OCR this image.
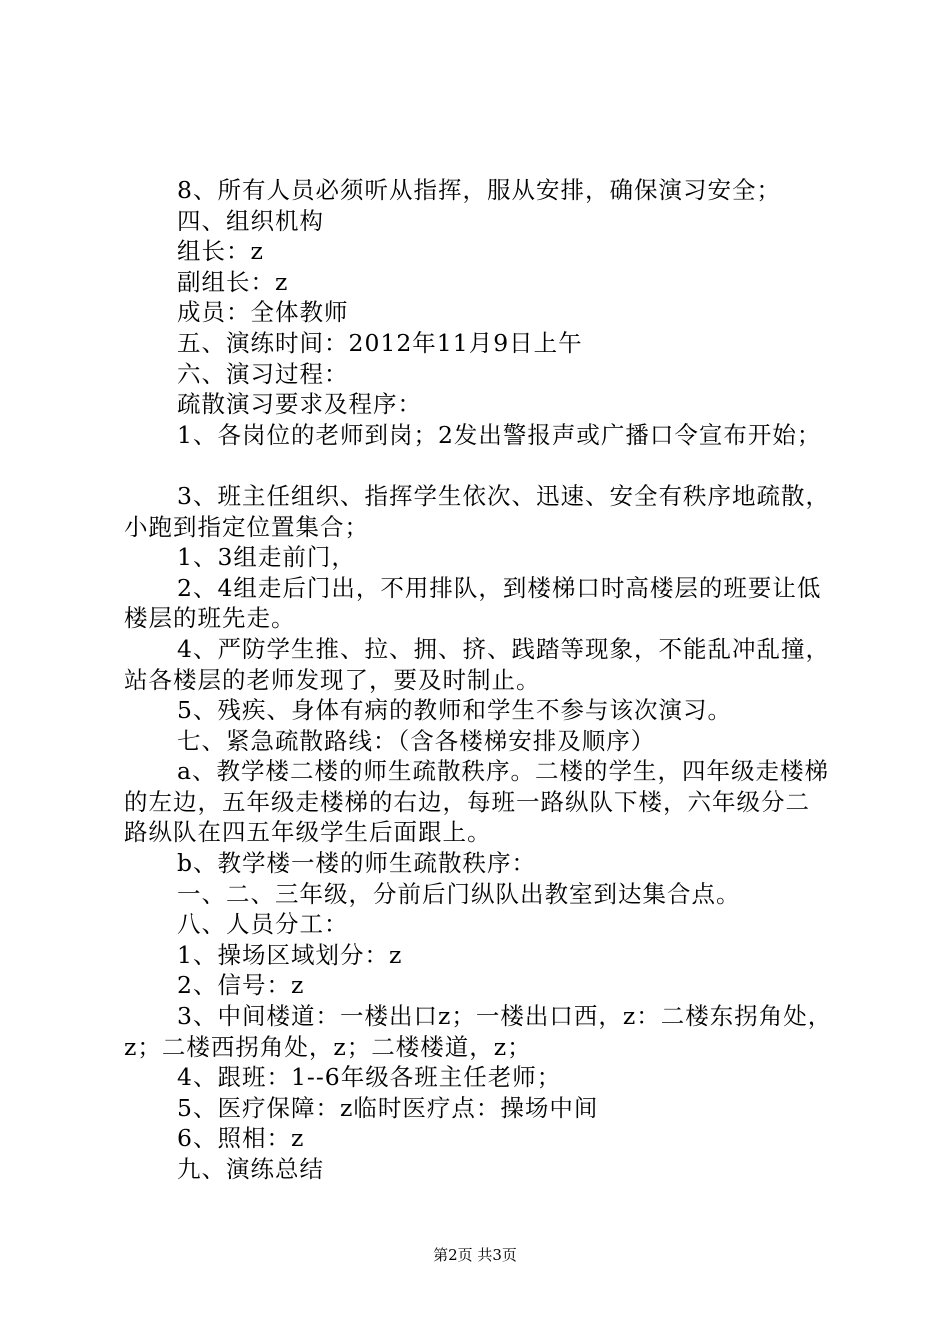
8、所有人员必须听从指挥，服从安排，确保演习安全；

四、组织机构

组长：z

副组长：z

成员：全体教师

五、演练时间：2012年11月9日上午

六、演习过程：

疏散演习要求及程序：

1、各岗位的老师到岗；2发出警报声或广播口令宣布开始；

3、班主任组织、指挥学生依次、迅速、安全有秩序地疏散，小跑到指定位置集合；

1、3组走前门，

2、4组走后门出，不用排队，到楼梯口时高楼层的班要让低楼层的班先走。

4、严防学生推、拉、拥、挤、践踏等现象，不能乱冲乱撞，站各楼层的老师发现了，要及时制止。

5、残疾、身体有病的教师和学生不参与该次演习。

七、紧急疏散路线：（含各楼梯安排及顺序）

a、教学楼二楼的师生疏散秩序。二楼的学生，四年级走楼梯的左边，五年级走楼梯的右边，每班一路纵队下楼，六年级分二路纵队在四五年级学生后面跟上。

b、教学楼一楼的师生疏散秩序：

一、二、三年级，分前后门纵队出教室到达集合点。

八、人员分工：

1、操场区域划分：z

2、信号：z

3、中间楼道：一楼出口z；一楼出口西，z：二楼东拐角处，z；二楼西拐角处，z；二楼楼道，z；

4、跟班：1--6年级各班主任老师；

5、医疗保障：z临时医疗点：操场中间

6、照相：z

九、演练总结

第2页 共3页
